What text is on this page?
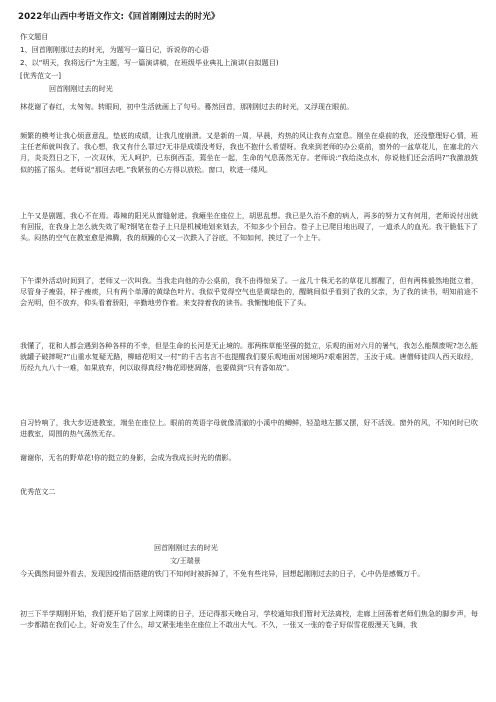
2022年山西中考语文作文:《回首刚刚过去的时光》
作文题目
1、回首刚刚那过去的时光，为题写一篇日记，诉说你的心语
2、以“明天，我将远行”为主题，写一篇演讲稿，在班级毕业典礼上演讲(自拟题目)
[优秀范文一]
回首刚刚过去的时光
林花谢了春红，太匆匆。转眼间，初中生活就画上了句号。蓦然回首，那刚刚过去的时光，又浮现在眼前。
频繁的模考让我心烦意意乱，垫底的成绩，让我几度崩溃。又是新的一周，早晨，灼热的风让我有点窒息。刚坐在桌前的我，还没整理好心情，班主任老师就叫我了。我心想，我又有什么罪过?无非是成绩没考好，我也不抱什么希望呀。我来到老师的办公桌前，窗外的一盆草花儿，在塞北的六月，炎炎烈日之下，一次双休，无人呵护，已东倒西歪，蔫坐在一起，生命的气息荡然无存。老师说:“我给浇点水，你说他们还会活吗?”我激浪鼓似的摇了摇头。老师说“那回去吧。”我紧张的心方得以放松。窗口，吹进一缕风。
上午又是剧题，我心不在焉。毒辣的阳光从窗缝射进。我瘫坐在座位上，胡思乱想。我已是久治不愈的病人，再多的努力又有何用，老师说付出就有回报，在我身上怎么就失效了呢?钢笔在卷子上只是机械地划来划去，不知多少个回合。卷子上已爬目地出现了，一道杀人的血光。我干脆低下了头。闷热的空气在教室愈是沸腾，我的烦躁的心又一次跌入了谷底，不知如何，挨过了一个上午。
下午课外活动时间到了，老师又一次叫我。当我走向他的办公桌前，我不由得惊呆了。一盆几十株无名的草花儿都醒了，但有两株毅然地挺立着，尽管身子瘦弱，样子瘦痰，只有两个单薄的黄绿色叶片。我似乎觉得空气也是黄绿色的，醒眺间似乎看到了我的父亲，为了我的读书，明知前途不会光明，但不放弃，仰头看着骄阳，辛勤地劳作着。来支持着我的读书。我惭愧地低下了头。
我懂了，花和人都会遇到各种各样的不幸，但是生命的长河是无止境的。那两株草能坚强的挺立，乐观的面对六月的暑气，我怎么能颓废呢?怎么能就罐子破摔呢?“山重水复疑无路，柳暗花明又一村”的千古名言不也提醒我们要乐观地面对困境吗?艰难困苦，玉汝于成。唐僧师徒四人西天取经，历经九九八十一难，如果放弃，何以取得真经?梅花即使凋落，也要做到“只有香如故”。
自习铃响了，我大步迈进教室，端坐在座位上。眼前的英语字母就像清澈的小溪中的鲫鲜，轻盈地左挪又摆，好不活泼。窗外的风，不知何时已吹进教室，周围的热气荡然无存。
谢谢你，无名的野草花!你的挺立的身影，会成为我成长时光的倩影。
优秀范文二
回首刚刚过去的时光
文/王瑞景
今天偶然间留外看去，发现因疫情而搭建的铁门不知何时被拆掉了，不免有些诧异，回想起刚刚过去的日子，心中仍是感慨万千。
初三下半学期刚开始，我们便开始了居家上网课的日子，还记得那天晚自习，学校通知我们暂时无法离校，走廊上回荡着老师们焦急的脚步声，每一步都踏在我们心上，好奇发生了什么，却又紧张地坐在座位上不敢出大气。不久，一张又一张的卷子好似雪花般漫天飞舞，我
